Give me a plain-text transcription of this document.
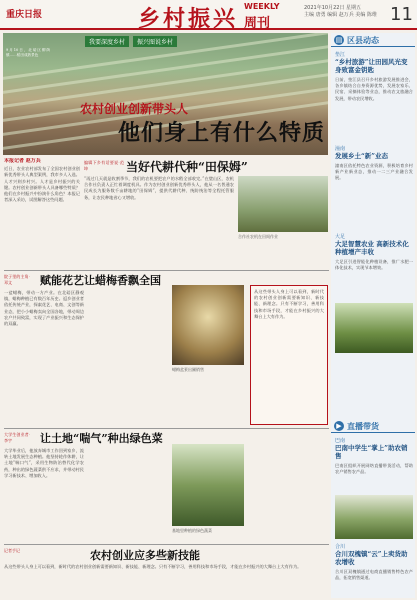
重庆日报	乡村振兴 WEEKLY
周刊
2021年10月22日 星期五
主编 唐勇 编辑 赵万兵 美编 陈维 11
我要深度乡村	振兴图说乡村
9月10日，北碚区柳荫镇……稻田成熟景色
农村创业创新带头人
他们身上有什么特质
本报记者 赵万兵
近日，农业农村部发布了全国农村创业创新优秀带头人典型案例，我市多人入选。人才兴则乡村兴。人才是乡村振兴的关键。农村创业创新带头人具备哪些特质？他们在乡村振兴中扮演什么角色？本报记者深入采访，试图解答这些问题。
编辑下乡有话要说·范坤	当好代耕代种“田保姆”
“再过几天就是收割季节，我们的农机要把农户的水稻全部收完。”在璧山区，农机合作社负责人正忙着调度机具。作为农村创业创新优秀带头人，他从一名普通农民成长为服务数千亩耕地的“田保姆”，提供代耕代种、统防统治等全程托管服务，让农民种地省心又增收。
合作社农机在田间作业
院子里的主角·邓文	赋能花艺让蜡梅香飘全国
一盆蜡梅，带动一方产业。在北碚区静观镇，蜡梅种植已有数百年历史。返乡创业者依托传统产业，探索花艺、电商、文创等新业态，把小小蜡梅卖向全国各地，带动周边农户共同致富，实现了产业振兴和生态保护的双赢。
蜡梅盆景出圃销售
从这些带头人身上可以看到，新时代的农村创业创新需要新知识、新技能、新理念。只有不断学习，善用科技和市场手段，才能在乡村振兴的大舞台上大有作为。
大学生创业者·李宇	让土地“喘气”种出绿色菜
大学毕业后，他放弃城市工作回到家乡，流转土地发展生态种植。他坚持轮作休耕，让土地“喘口气”，采用生物防治替代化学农药，种出的绿色蔬菜供不应求，并带动村民学习新技术、增加收入。
基地里种植的绿色蔬菜
记者手记	农村创业应多些新技能
从这些带头人身上可以看到，新时代的农村创业创新需要新知识、新技能、新理念。只有不断学习，善用科技和市场手段，才能在乡村振兴的大舞台上大有作为。
▤ 区县动态
垫江
“乡村旅游”让田园风光变身致富金钥匙
日前，垫江县召开乡村旅游发展推进会，各乡镇结合自身资源优势，发展农家乐、民宿、采摘体验等业态，推动农文旅融合发展，带动农民增收。
潼南
发展乡土“新”业态
潼南区依托特色农业资源，积极培育乡村新产业新业态，推动一二三产业融合发展。
大足
大足智慧农业 高新技术化种植增产丰收
大足区引进智能化种植设备，推广水肥一体化技术，实现节本增效。
▶ 直播带货
巴南
巴南中学生“掌上”助农销售
巴南区组织开展网络直播带货活动，帮助农户销售农产品。
合川
合川双槐镇“云”上卖货助农增收
合川区双槐镇通过电商直播销售特色农产品，拓宽销售渠道。
